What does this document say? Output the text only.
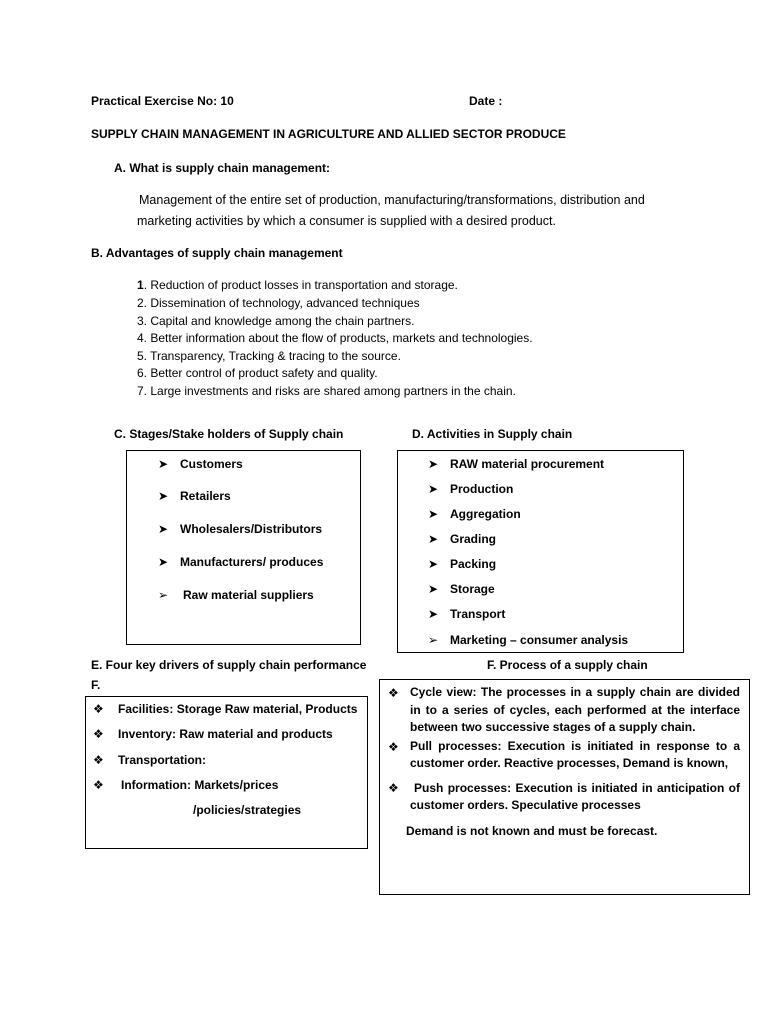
Practical Exercise No: 10	Date :
SUPPLY CHAIN MANAGEMENT IN AGRICULTURE AND ALLIED SECTOR PRODUCE
A. What is supply chain management:
Management of the entire set of production, manufacturing/transformations, distribution and
marketing activities by which a consumer is supplied with a desired product.
B. Advantages of supply chain management
1. Reduction of product losses in transportation and storage.
2. Dissemination of technology, advanced techniques
3. Capital and knowledge among the chain partners.
4. Better information about the flow of products, markets and technologies.
5. Transparency, Tracking & tracing to the source.
6. Better control of product safety and quality.
7. Large investments and risks are shared among partners in the chain.
C. Stages/Stake holders of Supply chain
➤ Customers
➤ Retailers
➤ Wholesalers/Distributors
➤ Manufacturers/ produces
➢ Raw material suppliers
D. Activities in Supply chain
➤ RAW material procurement
➤ Production
➤ Aggregation
➤ Grading
➤ Packing
➤ Storage
➤ Transport
➢ Marketing – consumer analysis
E. Four key drivers of supply chain performance
F.
❖ Facilities: Storage Raw material, Products
❖ Inventory: Raw material and products
❖ Transportation:
❖ Information: Markets/prices
/policies/strategies
F. Process of a supply chain
❖ Cycle view: The processes in a supply chain are divided in to a series of cycles, each performed at the interface between two successive stages of a supply chain.
❖ Pull processes: Execution is initiated in response to a
customer order. Reactive processes, Demand is known,
❖ Push processes: Execution is initiated in anticipation of
customer orders. Speculative processes
Demand is not known and must be forecast.
